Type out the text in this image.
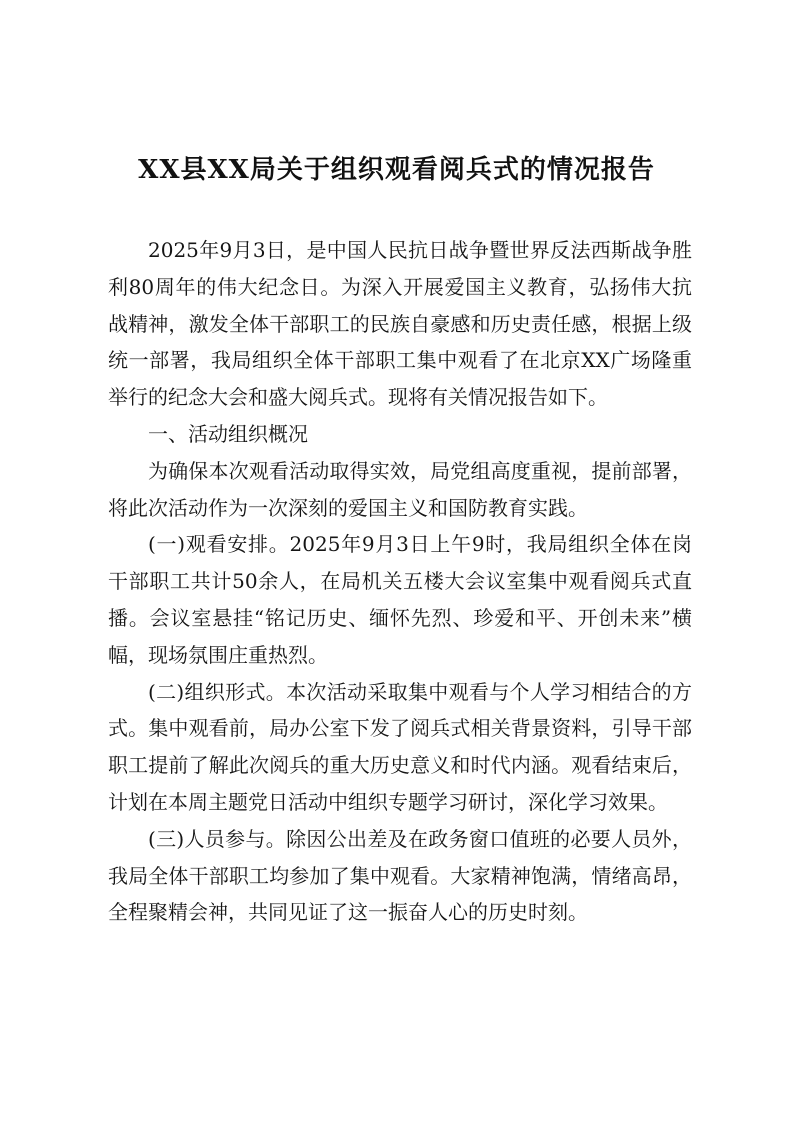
XX县XX局关于组织观看阅兵式的情况报告

2025年9月3日，是中国人民抗日战争暨世界反法西斯战争胜利80周年的伟大纪念日。为深入开展爱国主义教育，弘扬伟大抗战精神，激发全体干部职工的民族自豪感和历史责任感，根据上级统一部署，我局组织全体干部职工集中观看了在北京XX广场隆重举行的纪念大会和盛大阅兵式。现将有关情况报告如下。

一、活动组织概况

为确保本次观看活动取得实效，局党组高度重视，提前部署，将此次活动作为一次深刻的爱国主义和国防教育实践。

(一)观看安排。2025年9月3日上午9时，我局组织全体在岗干部职工共计50余人，在局机关五楼大会议室集中观看阅兵式直播。会议室悬挂“铭记历史、缅怀先烈、珍爱和平、开创未来”横幅，现场氛围庄重热烈。

(二)组织形式。本次活动采取集中观看与个人学习相结合的方式。集中观看前，局办公室下发了阅兵式相关背景资料，引导干部职工提前了解此次阅兵的重大历史意义和时代内涵。观看结束后，计划在本周主题党日活动中组织专题学习研讨，深化学习效果。

(三)人员参与。除因公出差及在政务窗口值班的必要人员外，我局全体干部职工均参加了集中观看。大家精神饱满，情绪高昂，全程聚精会神，共同见证了这一振奋人心的历史时刻。
